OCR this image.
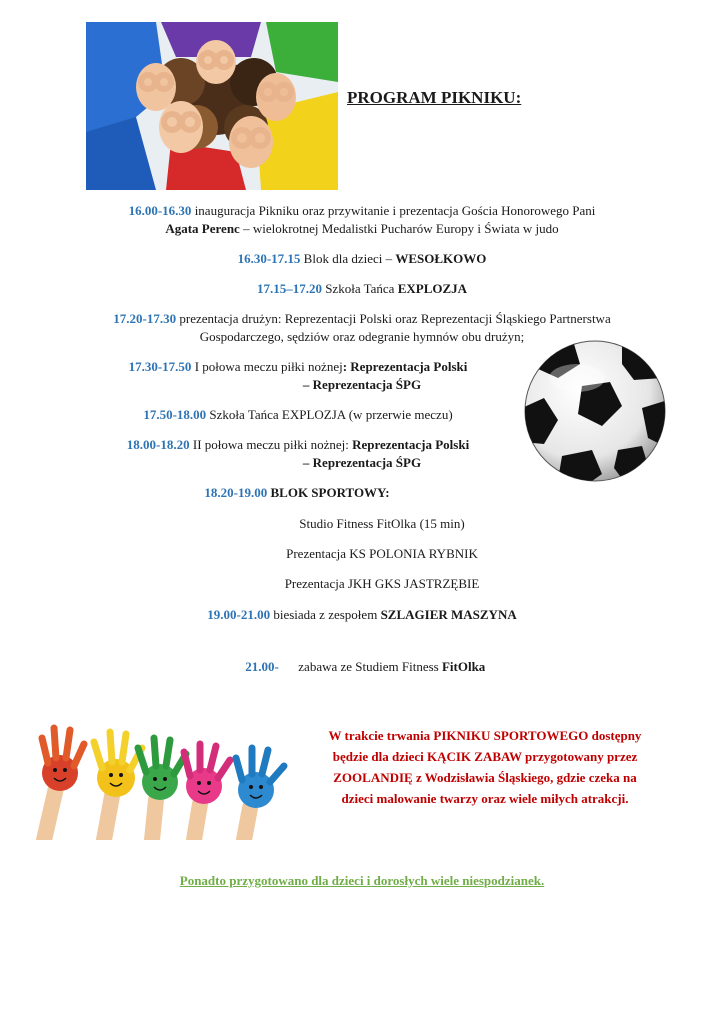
PROGRAM PIKNIKU:
16.00-16.30 inauguracja Pikniku oraz przywitanie i prezentacja Gościa Honorowego Pani
Agata Perenc – wielokrotnej Medalistki Pucharów Europy i Świata w judo
16.30-17.15 Blok dla dzieci – WESOŁKOWO
17.15–17.20 Szkoła Tańca EXPLOZJA
17.20-17.30 prezentacja drużyn: Reprezentacji Polski oraz Reprezentacji Śląskiego Partnerstwa
Gospodarczego, sędziów oraz odegranie hymnów obu drużyn;
17.30-17.50 I połowa meczu piłki nożnej: Reprezentacja Polski
– Reprezentacja ŚPG
17.50-18.00 Szkoła Tańca EXPLOZJA (w przerwie meczu)
18.00-18.20 II połowa meczu piłki nożnej: Reprezentacja Polski
– Reprezentacja ŚPG
18.20-19.00 BLOK SPORTOWY:
Studio Fitness FitOlka (15 min)
Prezentacja KS POLONIA RYBNIK
Prezentacja JKH GKS JASTRZĘBIE
19.00-21.00 biesiada z zespołem SZLAGIER MASZYNA

21.00-      zabawa ze Studiem Fitness FitOlka

W trakcie trwania PIKNIKU SPORTOWEGO dostępny
będzie dla dzieci KĄCIK ZABAW przygotowany przez
ZOOLANDIĘ z Wodzisławia Śląskiego, gdzie czeka na
dzieci malowanie twarzy oraz wiele miłych atrakcji.
Ponadto przygotowano dla dzieci i dorosłych wiele niespodzianek.
